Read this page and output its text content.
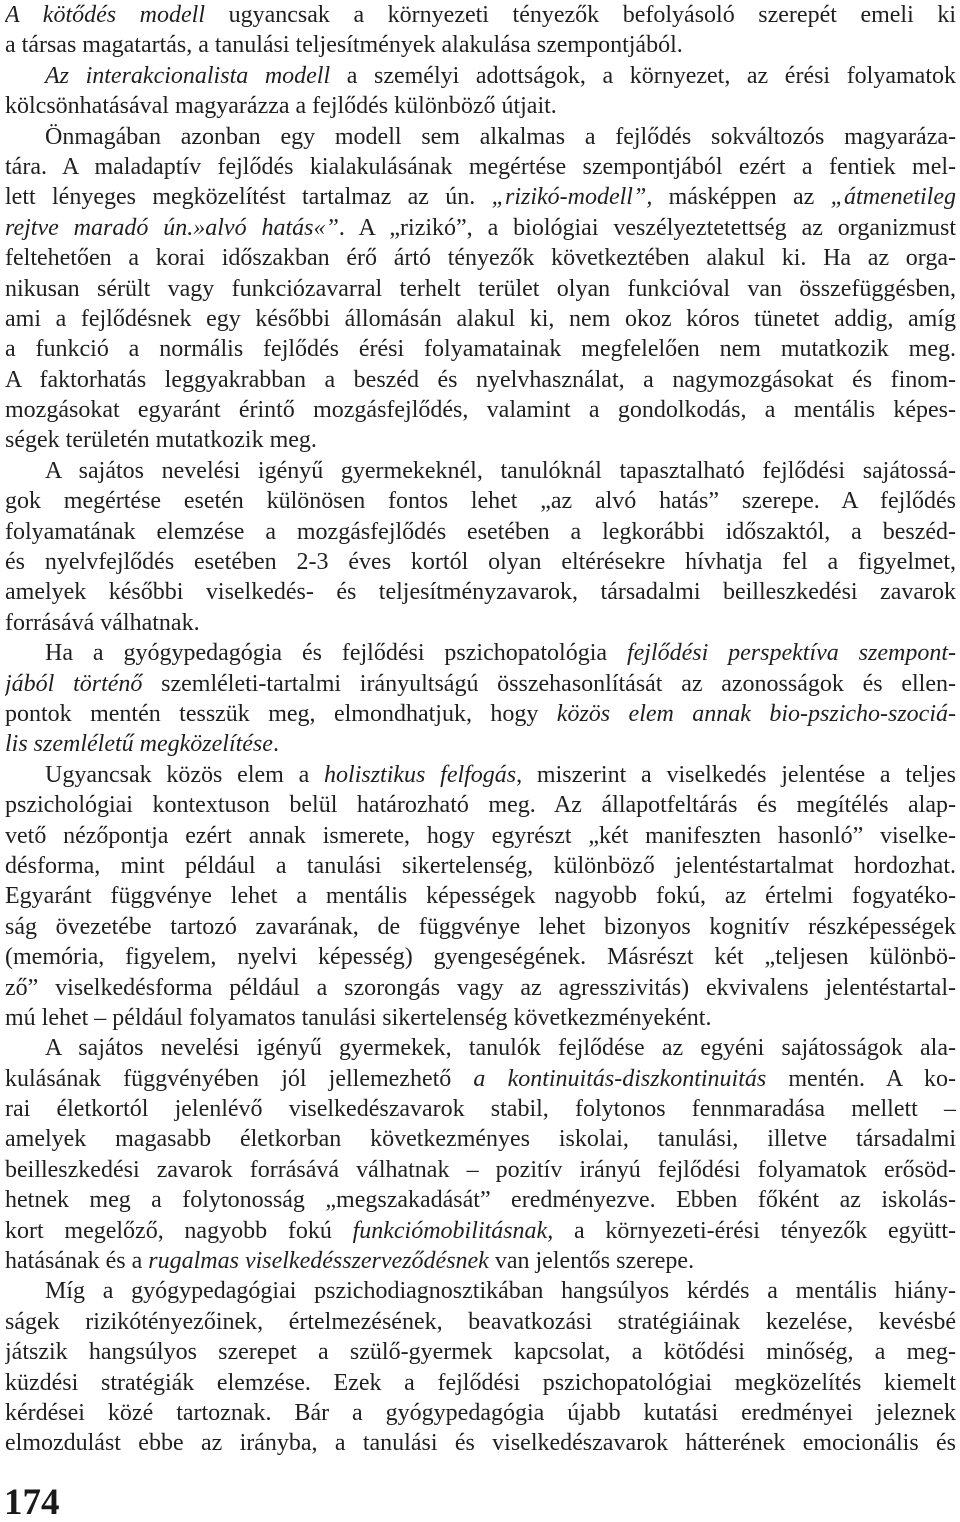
A kötődés modell ugyancsak a környezeti tényezők befolyásoló szerepét emeli ki
a társas magatartás, a tanulási teljesítmények alakulása szempontjából.
Az interakcionalista modell a személyi adottságok, a környezet, az érési folyamatok
kölcsönhatásával magyarázza a fejlődés különböző útjait.
Önmagában azonban egy modell sem alkalmas a fejlődés sokváltozós magyaráza-
tára. A maladaptív fejlődés kialakulásának megértése szempontjából ezért a fentiek mel-
lett lényeges megközelítést tartalmaz az ún. „rizikó-modell”, másképpen az „átmenetileg
rejtve maradó ún.»alvó hatás«”. A „rizikó”, a biológiai veszélyeztetettség az organizmust
feltehetően a korai időszakban érő ártó tényezők következtében alakul ki. Ha az orga-
nikusan sérült vagy funkciózavarral terhelt terület olyan funkcióval van összefüggésben,
ami a fejlődésnek egy későbbi állomásán alakul ki, nem okoz kóros tünetet addig, amíg
a funkció a normális fejlődés érési folyamatainak megfelelően nem mutatkozik meg.
A faktorhatás leggyakrabban a beszéd és nyelvhasználat, a nagymozgásokat és finom-
mozgásokat egyaránt érintő mozgásfejlődés, valamint a gondolkodás, a mentális képes-
ségek területén mutatkozik meg.
A sajátos nevelési igényű gyermekeknél, tanulóknál tapasztalható fejlődési sajátossá-
gok megértése esetén különösen fontos lehet „az alvó hatás” szerepe. A fejlődés
folyamatának elemzése a mozgásfejlődés esetében a legkorábbi időszaktól, a beszéd-
és nyelvfejlődés esetében 2-3 éves kortól olyan eltérésekre hívhatja fel a figyelmet,
amelyek későbbi viselkedés- és teljesítményzavarok, társadalmi beilleszkedési zavarok
forrásává válhatnak.
Ha a gyógypedagógia és fejlődési pszichopatológia fejlődési perspektíva szempont-
jából történő szemléleti-tartalmi irányultságú összehasonlítását az azonosságok és ellen-
pontok mentén tesszük meg, elmondhatjuk, hogy közös elem annak bio-pszicho-szociá-
lis szemléletű megközelítése.
Ugyancsak közös elem a holisztikus felfogás, miszerint a viselkedés jelentése a teljes
pszichológiai kontextuson belül határozható meg. Az állapotfeltárás és megítélés alap-
vető nézőpontja ezért annak ismerete, hogy egyrészt „két manifeszten hasonló” viselke-
désforma, mint például a tanulási sikertelenség, különböző jelentéstartalmat hordozhat.
Egyaránt függvénye lehet a mentális képességek nagyobb fokú, az értelmi fogyatéko-
ság övezetébe tartozó zavarának, de függvénye lehet bizonyos kognitív részképességek
(memória, figyelem, nyelvi képesség) gyengeségének. Másrészt két „teljesen különbö-
ző” viselkedésforma például a szorongás vagy az agresszivitás) ekvivalens jelentéstartal-
mú lehet – például folyamatos tanulási sikertelenség következményeként.
A sajátos nevelési igényű gyermekek, tanulók fejlődése az egyéni sajátosságok ala-
kulásának függvényében jól jellemezhető a kontinuitás-diszkontinuitás mentén. A ko-
rai életkortól jelenlévő viselkedészavarok stabil, folytonos fennmaradása mellett –
amelyek magasabb életkorban következményes iskolai, tanulási, illetve társadalmi
beilleszkedési zavarok forrásává válhatnak – pozitív irányú fejlődési folyamatok erősöd-
hetnek meg a folytonosság „megszakadását” eredményezve. Ebben főként az iskolás-
kort megelőző, nagyobb fokú funkciómobilitásnak, a környezeti-érési tényezők együtt-
hatásának és a rugalmas viselkedésszerveződésnek van jelentős szerepe.
Míg a gyógypedagógiai pszichodiagnosztikában hangsúlyos kérdés a mentális hiány-
ságek rizikótényezőinek, értelmezésének, beavatkozási stratégiáinak kezelése, kevésbé
játszik hangsúlyos szerepet a szülő-gyermek kapcsolat, a kötődési minőség, a meg-
küzdési stratégiák elemzése. Ezek a fejlődési pszichopatológiai megközelítés kiemelt
kérdései közé tartoznak. Bár a gyógypedagógia újabb kutatási eredményei jeleznek
elmozdulást ebbe az irányba, a tanulási és viselkedészavarok hátterének emocionális és
174
